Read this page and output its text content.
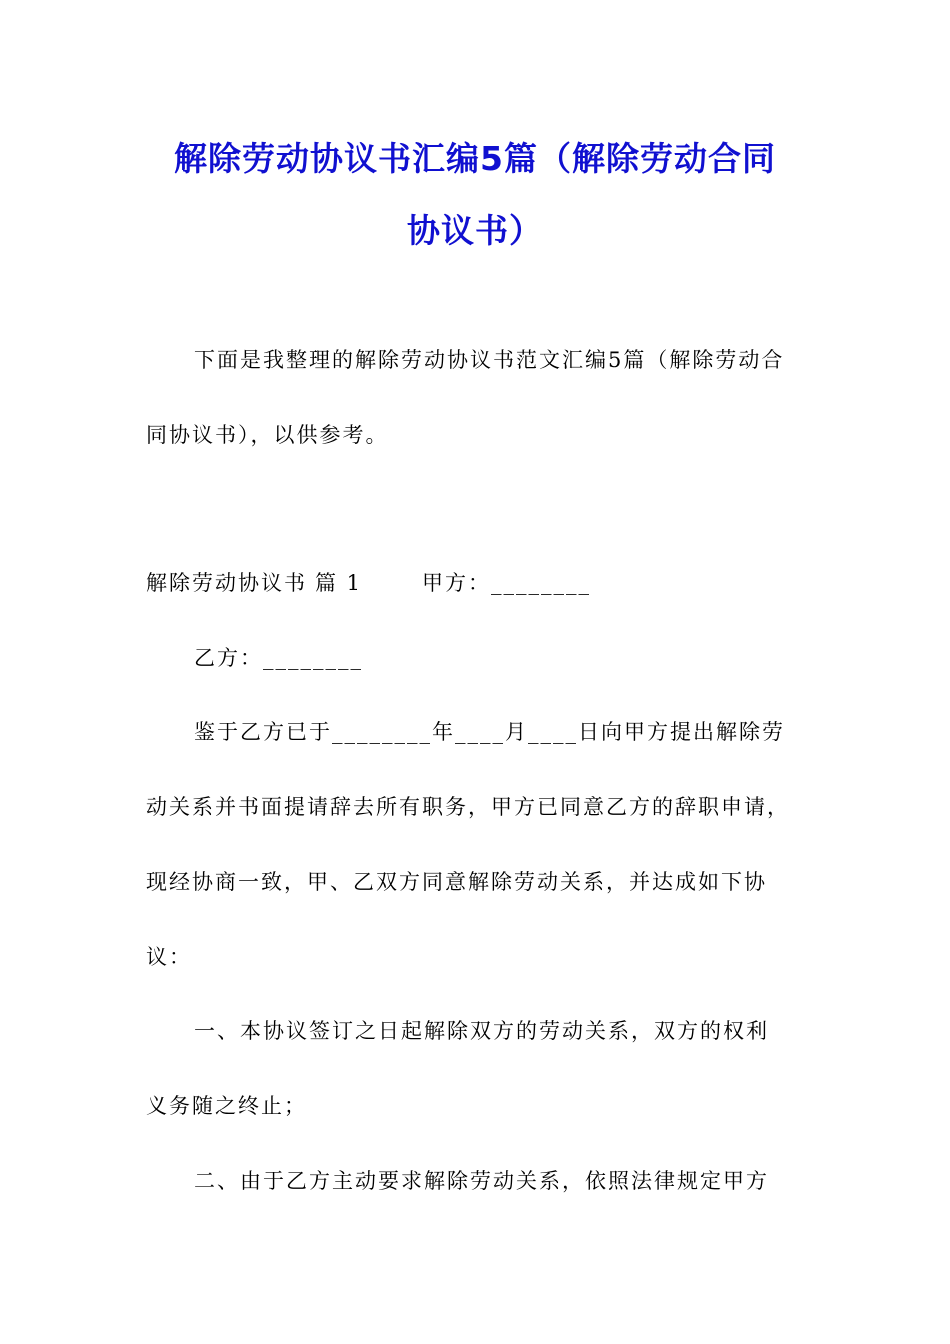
解除劳动协议书汇编5篇（解除劳动合同
协议书）
下面是我整理的解除劳动协议书范文汇编5篇（解除劳动合
同协议书），以供参考。
解除劳动协议书 篇 1	甲方：________
乙方：________
鉴于乙方已于________年____月____日向甲方提出解除劳
动关系并书面提请辞去所有职务，甲方已同意乙方的辞职申请，
现经协商一致，甲、乙双方同意解除劳动关系，并达成如下协
议：
一、本协议签订之日起解除双方的劳动关系，双方的权利
义务随之终止；
二、由于乙方主动要求解除劳动关系，依照法律规定甲方
